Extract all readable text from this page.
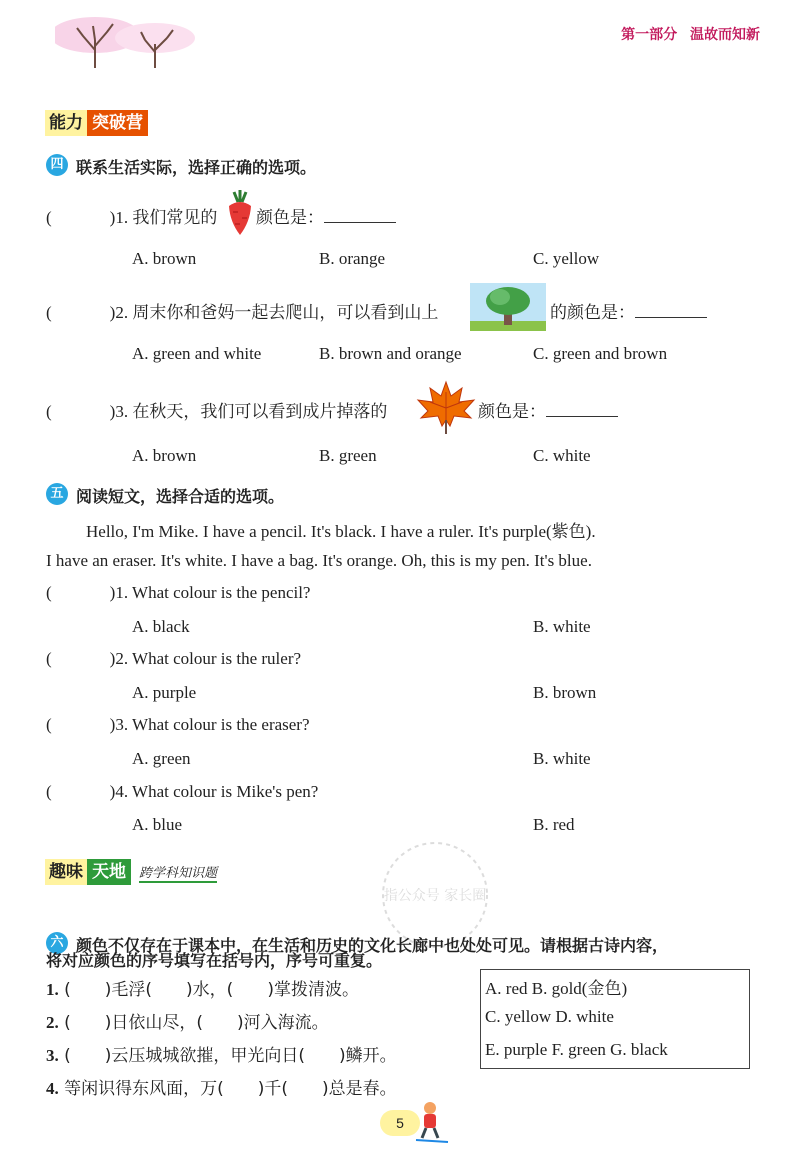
第一部分 温故而知新
能力 突破营
四 联系生活实际，选择正确的选项。
(	)1. 我们常见的 颜色是：
A. brown	B. orange	C. yellow
(	)2. 周末你和爸妈一起去爬山，可以看到山上	的颜色是：
A. green and white	B. brown and orange	C. green and brown
(	)3. 在秋天，我们可以看到成片掉落的	颜色是：
A. brown	B. green	C. white
五 阅读短文，选择合适的选项。
Hello, I'm Mike. I have a pencil. It's black. I have a ruler. It's purple(紫色).
I have an eraser. It's white. I have a bag. It's orange. Oh, this is my pen. It's blue.
(	)1. What colour is the pencil?
A. black	B. white
(	)2. What colour is the ruler?
A. purple	B. brown
(	)3. What colour is the eraser?
A. green	B. white
(	)4. What colour is Mike's pen?
A. blue	B. red
趣味 天地	跨学科知识题
指公众号 家长圈
六 颜色不仅存在于课本中，在生活和历史的文化长廊中也处处可见。请根据古诗内容，
将对应颜色的序号填写在括号内，序号可重复。
1. (　　)毛浮(　　)水，(　　)掌拨清波。
2. (　　)日依山尽，(　　)河入海流。
3. (　　)云压城城欲摧，甲光向日(　　)鳞开。
4. 等闲识得东风面，万(　　)千(　　)总是春。
A. red B. gold(金色)
C. yellow D. white
E. purple F. green G. black
5
